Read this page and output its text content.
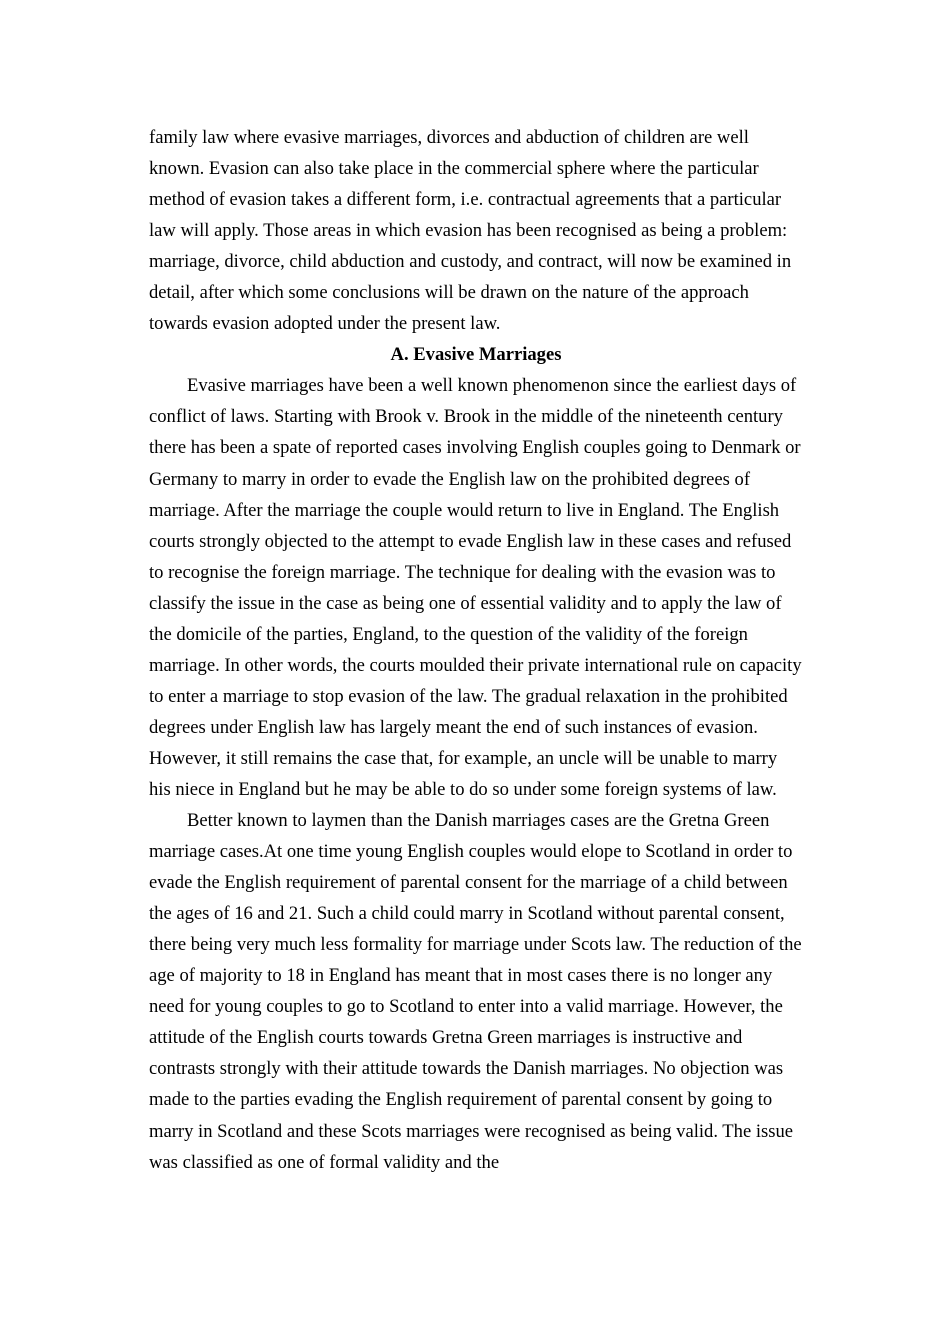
family law where evasive marriages, divorces and abduction of children are well known. Evasion can also take place in the commercial sphere where the particular method of evasion takes a different form, i.e. contractual agreements that a particular law will apply. Those areas in which evasion has been recognised as being a problem: marriage, divorce, child abduction and custody, and contract, will now be examined in detail, after which some conclusions will be drawn on the nature of the approach towards evasion adopted under the present law.

A. Evasive Marriages

Evasive marriages have been a well known phenomenon since the earliest days of conflict of laws. Starting with Brook v. Brook in the middle of the nineteenth century there has been a spate of reported cases involving English couples going to Denmark or Germany to marry in order to evade the English law on the prohibited degrees of marriage. After the marriage the couple would return to live in England. The English courts strongly objected to the attempt to evade English law in these cases and refused to recognise the foreign marriage. The technique for dealing with the evasion was to classify the issue in the case as being one of essential validity and to apply the law of the domicile of the parties, England, to the question of the validity of the foreign marriage. In other words, the courts moulded their private international rule on capacity to enter a marriage to stop evasion of the law. The gradual relaxation in the prohibited degrees under English law has largely meant the end of such instances of evasion. However, it still remains the case that, for example, an uncle will be unable to marry his niece in England but he may be able to do so under some foreign systems of law.

Better known to laymen than the Danish marriages cases are the Gretna Green marriage cases.At one time young English couples would elope to Scotland in order to evade the English requirement of parental consent for the marriage of a child between the ages of 16 and 21. Such a child could marry in Scotland without parental consent, there being very much less formality for marriage under Scots law. The reduction of the age of majority to 18 in England has meant that in most cases there is no longer any need for young couples to go to Scotland to enter into a valid marriage. However, the attitude of the English courts towards Gretna Green marriages is instructive and contrasts strongly with their attitude towards the Danish marriages. No objection was made to the parties evading the English requirement of parental consent by going to marry in Scotland and these Scots marriages were recognised as being valid. The issue was classified as one of formal validity and the
